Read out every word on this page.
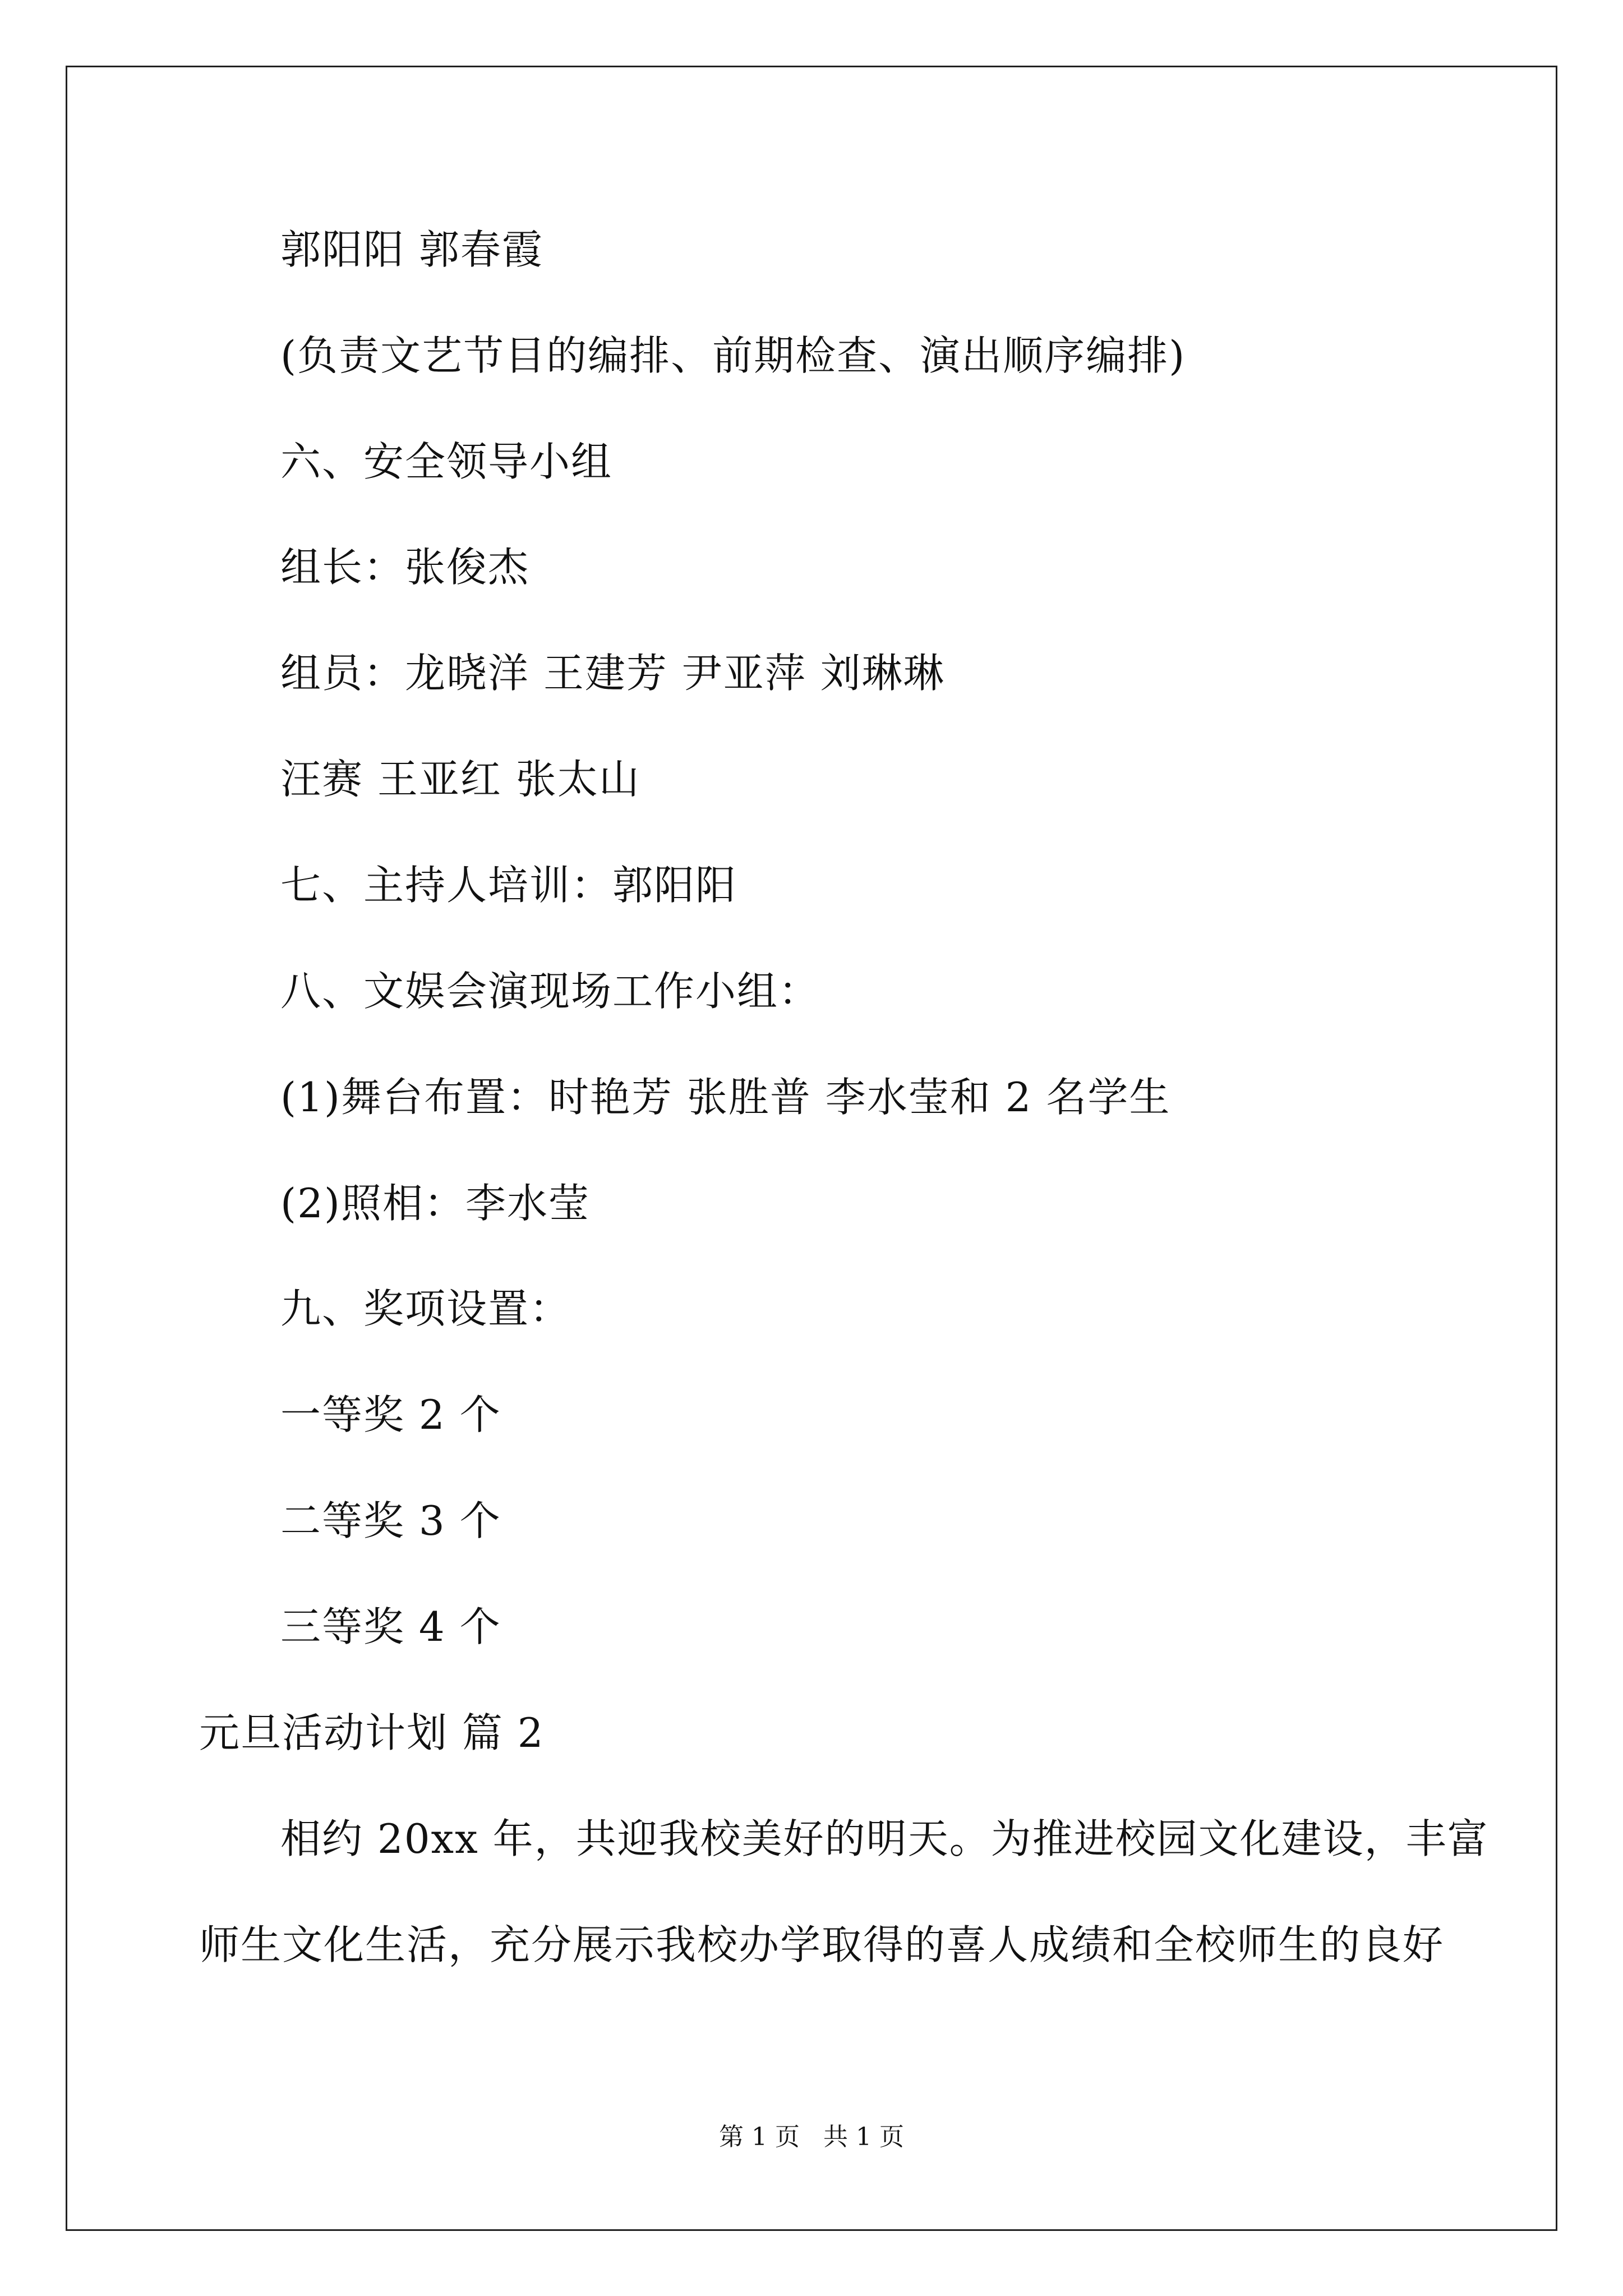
郭阳阳 郭春霞
(负责文艺节目的编排、前期检查、演出顺序编排)
六、安全领导小组
组长：张俊杰
组员：龙晓洋 王建芳 尹亚萍 刘琳琳
汪赛 王亚红 张太山
七、主持人培训：郭阳阳
八、文娱会演现场工作小组：
(1)舞台布置：时艳芳 张胜普 李水莹和 2 名学生
(2)照相：李水莹
九、奖项设置：
一等奖 2 个
二等奖 3 个
三等奖 4 个
元旦活动计划 篇 2
相约 20xx 年，共迎我校美好的明天。为推进校园文化建设，丰富
师生文化生活，充分展示我校办学取得的喜人成绩和全校师生的良好
第 1 页   共 1 页
